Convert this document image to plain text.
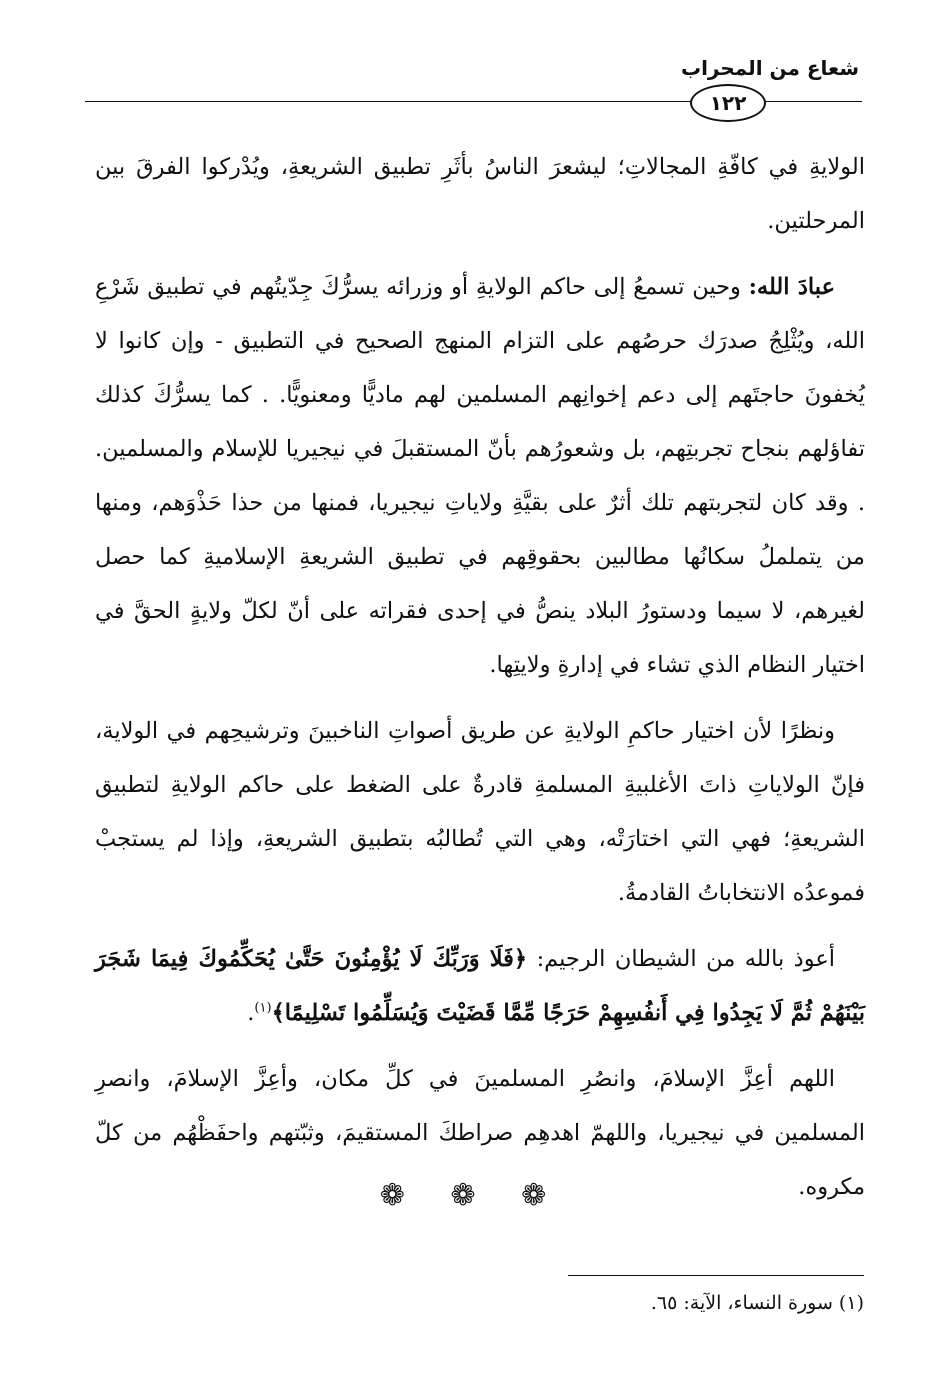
شعاع من المحراب
١٢٢

الولايةِ في كافّةِ المجالاتِ؛ ليشعرَ الناسُ بأثَرِ تطبيق الشريعةِ، ويُدْركوا الفرقَ بين المرحلتين.

عبادَ الله: وحين تسمعُ إلى حاكم الولايةِ أو وزرائه يسرُّكَ جِدّيتُهم في تطبيق شَرْعِ الله، ويُثْلِجُ صدرَك حرصُهم على التزام المنهج الصحيح في التطبيق - وإن كانوا لا يُخفونَ حاجتَهم إلى دعم إخوانِهم المسلمين لهم ماديًّا ومعنويًّا. . كما يسرُّكَ كذلك تفاؤلهم بنجاح تجربتِهم، بل وشعورُهم بأنّ المستقبلَ في نيجيريا للإسلام والمسلمين. . وقد كان لتجربتهم تلك أثرٌ على بقيَّةِ ولاياتِ نيجيريا، فمنها من حذا حَذْوَهم، ومنها من يتململُ سكانُها مطالبين بحقوقِهم في تطبيق الشريعةِ الإسلاميةِ كما حصل لغيرهم، لا سيما ودستورُ البلاد ينصُّ في إحدى فقراته على أنّ لكلّ ولايةٍ الحقَّ في اختيار النظام الذي تشاء في إدارةِ ولايتِها.

ونظرًا لأن اختيار حاكمِ الولايةِ عن طريق أصواتِ الناخبينَ وترشيحِهم في الولاية، فإنّ الولاياتِ ذاتَ الأغلبيةِ المسلمةِ قادرةٌ على الضغط على حاكم الولايةِ لتطبيق الشريعةِ؛ فهي التي اختارَتْه، وهي التي تُطالبُه بتطبيق الشريعةِ، وإذا لم يستجبْ فموعدُه الانتخاباتُ القادمةُ.

أعوذ بالله من الشيطان الرجيم: ﴿فَلَا وَرَبِّكَ لَا يُؤْمِنُونَ حَتَّىٰ يُحَكِّمُوكَ فِيمَا شَجَرَ بَيْنَهُمْ ثُمَّ لَا يَجِدُوا فِي أَنفُسِهِمْ حَرَجًا مِّمَّا قَضَيْتَ وَيُسَلِّمُوا تَسْلِيمًا﴾$^{(١)}$.

اللهم أعِزَّ الإسلامَ، وانصُرِ المسلمينَ في كلِّ مكان، وأعِزَّ الإسلامَ، وانصرِ المسلمين في نيجيريا، واللهمّ اهدهِم صراطكَ المستقيمَ، وثبّتهم واحفَظْهُم من كلّ مكروه.

❁ ❁ ❁
(١) سورة النساء، الآية: ٦٥.
